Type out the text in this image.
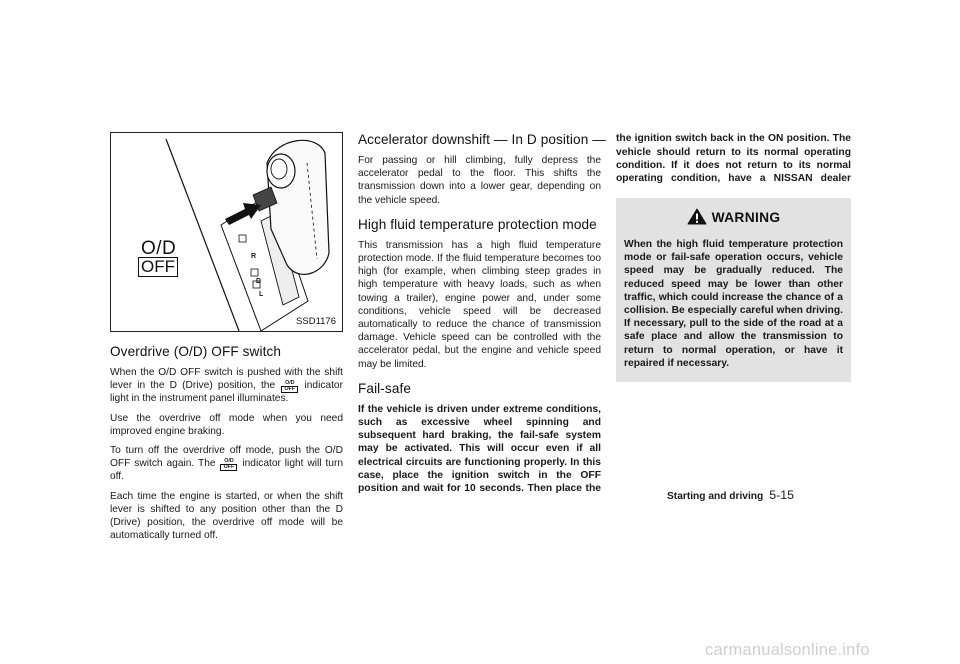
O/D
OFF
R
D
L
SSD1176
Overdrive (O/D) OFF switch

When the O/D OFF switch is pushed with the shift lever in the D (Drive) position, the	O/D
OFF indicator light in the instrument panel illuminates.

Use the overdrive off mode when you need improved engine braking.

To turn off the overdrive off mode, push the O/D OFF switch again. The	O/D
OFF indicator light will turn off.

Each time the engine is started, or when the shift lever is shifted to any position other than the D (Drive) position, the overdrive off mode will be automatically turned off.

Accelerator downshift — In D position —

For passing or hill climbing, fully depress the accelerator pedal to the floor. This shifts the transmission down into a lower gear, depending on the vehicle speed.

High fluid temperature protection mode

This transmission has a high fluid temperature protection mode. If the fluid temperature becomes too high (for example, when climbing steep grades in high temperature with heavy loads, such as when towing a trailer), engine power and, under some conditions, vehicle speed will be decreased automatically to reduce the chance of transmission damage. Vehicle speed can be controlled with the accelerator pedal, but the engine and vehicle speed may be limited.

Fail-safe

If the vehicle is driven under extreme conditions, such as excessive wheel spinning and subsequent hard braking, the fail-safe system may be activated. This will occur even if all electrical circuits are functioning properly. In this case, place the ignition switch in the OFF position and wait for 10 seconds. Then place the

the ignition switch back in the ON position. The vehicle should return to its normal operating condition. If it does not return to its normal operating condition, have a NISSAN dealer

WARNING

When the high fluid temperature protection mode or fail-safe operation occurs, vehicle speed may be gradually reduced. The reduced speed may be lower than other traffic, which could increase the chance of a collision. Be especially careful when driving. If necessary, pull to the side of the road at a safe place and allow the transmission to return to normal operation, or have it repaired if necessary.

Starting and driving 5-15
carmanualsonline.info
